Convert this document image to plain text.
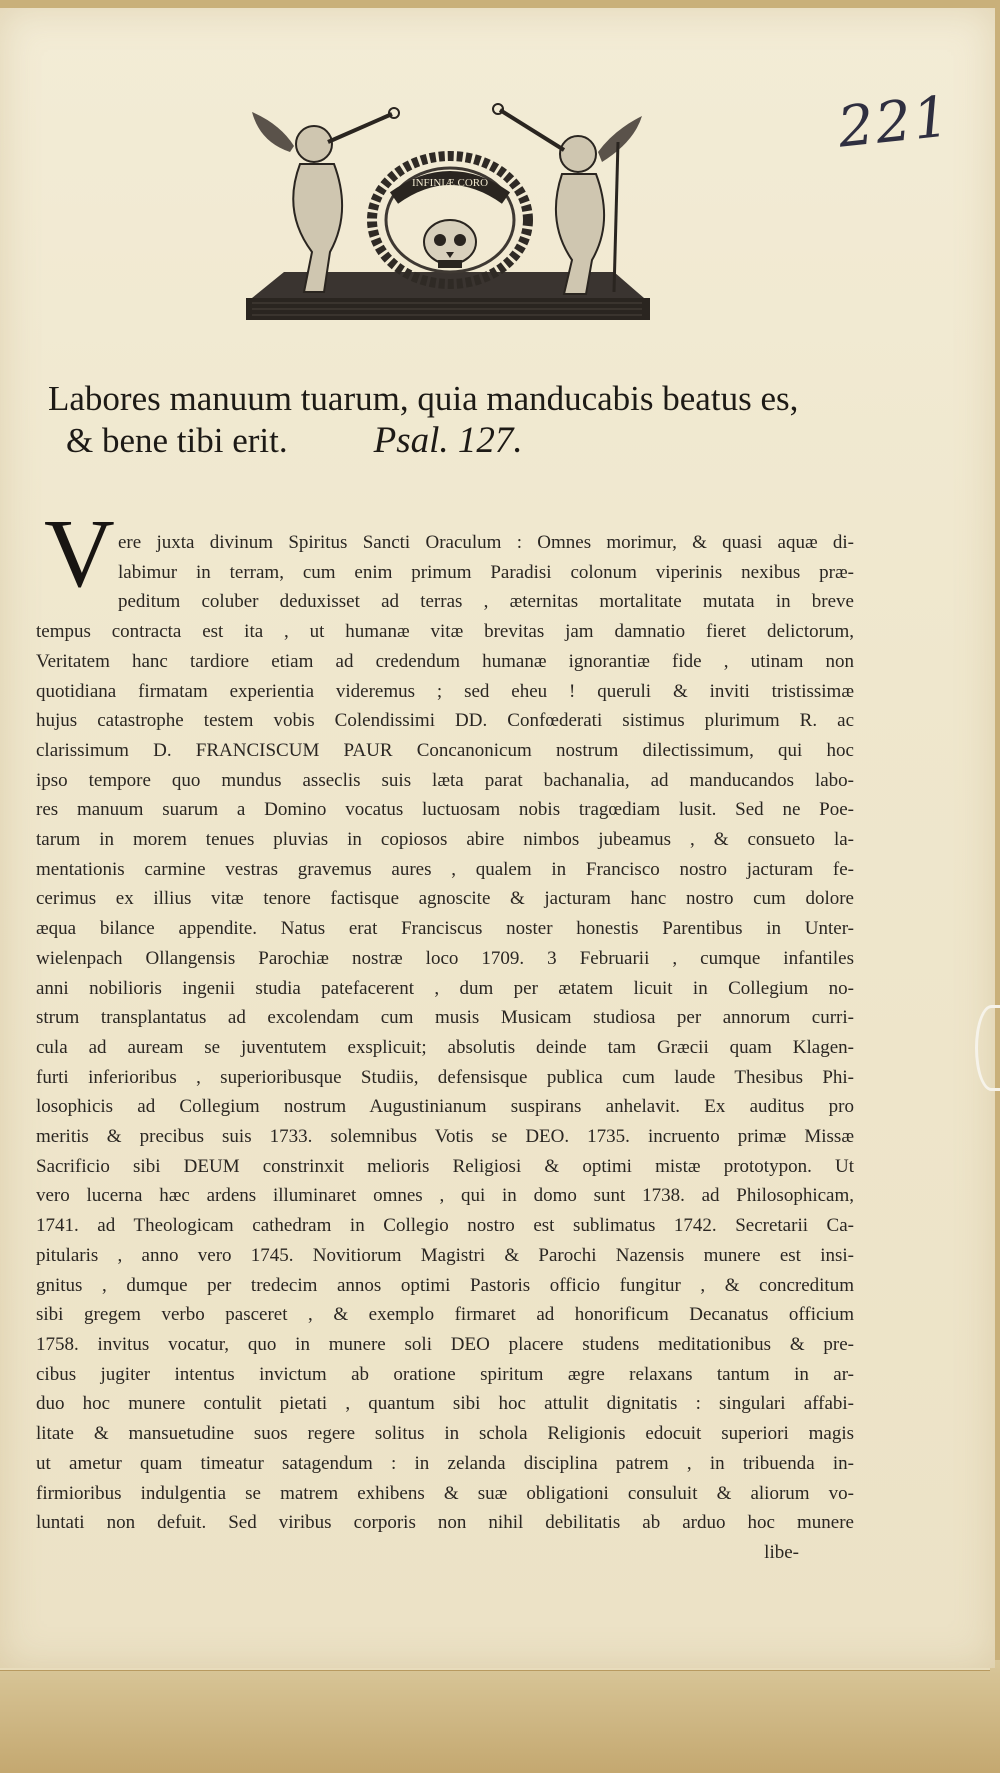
221
INFINIÆ CORO
Labores manuum tuarum, quia manducabis beatus es,
& bene tibi erit. Psal. 127.
V ere juxta divinum Spiritus Sancti Oraculum : Omnes morimur, & quasi aquæ di-
labimur in terram, cum enim primum Paradisi colonum viperinis nexibus præ-
peditum coluber deduxisset ad terras , æternitas mortalitate mutata in breve
tempus contracta est ita , ut humanæ vitæ brevitas jam damnatio fieret delictorum,
Veritatem hanc tardiore etiam ad credendum humanæ ignorantiæ fide , utinam non
quotidiana firmatam experientia videremus ; sed eheu ! queruli & inviti tristissimæ
hujus catastrophe testem vobis Colendissimi DD. Confœderati sistimus plurimum R. ac
clarissimum D. FRANCISCUM PAUR Concanonicum nostrum dilectissimum, qui hoc
ipso tempore quo mundus asseclis suis læta parat bachanalia, ad manducandos labo-
res manuum suarum a Domino vocatus luctuosam nobis tragœdiam lusit. Sed ne Poe-
tarum in morem tenues pluvias in copiosos abire nimbos jubeamus , & consueto la-
mentationis carmine vestras gravemus aures , qualem in Francisco nostro jacturam fe-
cerimus ex illius vitæ tenore factisque agnoscite & jacturam hanc nostro cum dolore
æqua bilance appendite. Natus erat Franciscus noster honestis Parentibus in Unter-
wielenpach Ollangensis Parochiæ nostræ loco 1709. 3 Februarii , cumque infantiles
anni nobilioris ingenii studia patefacerent , dum per ætatem licuit in Collegium no-
strum transplantatus ad excolendam cum musis Musicam studiosa per annorum curri-
cula ad auream se juventutem exsplicuit; absolutis deinde tam Græcii quam Klagen-
furti inferioribus , superioribusque Studiis, defensisque publica cum laude Thesibus Phi-
losophicis ad Collegium nostrum Augustinianum suspirans anhelavit. Ex auditus pro
meritis & precibus suis 1733. solemnibus Votis se DEO. 1735. incruento primæ Missæ
Sacrificio sibi DEUM constrinxit melioris Religiosi & optimi mistæ prototypon. Ut
vero lucerna hæc ardens illuminaret omnes , qui in domo sunt 1738. ad Philosophicam,
1741. ad Theologicam cathedram in Collegio nostro est sublimatus 1742. Secretarii Ca-
pitularis , anno vero 1745. Novitiorum Magistri & Parochi Nazensis munere est insi-
gnitus , dumque per tredecim annos optimi Pastoris officio fungitur , & concreditum
sibi gregem verbo pasceret , & exemplo firmaret ad honorificum Decanatus officium
1758. invitus vocatur, quo in munere soli DEO placere studens meditationibus & pre-
cibus jugiter intentus invictum ab oratione spiritum ægre relaxans tantum in ar-
duo hoc munere contulit pietati , quantum sibi hoc attulit dignitatis : singulari affabi-
litate & mansuetudine suos regere solitus in schola Religionis edocuit superiori magis
ut ametur quam timeatur satagendum : in zelanda disciplina patrem , in tribuenda in-
firmioribus indulgentia se matrem exhibens & suæ obligationi consuluit & aliorum vo-
luntati non defuit. Sed viribus corporis non nihil debilitatis ab arduo hoc munere
libe-
